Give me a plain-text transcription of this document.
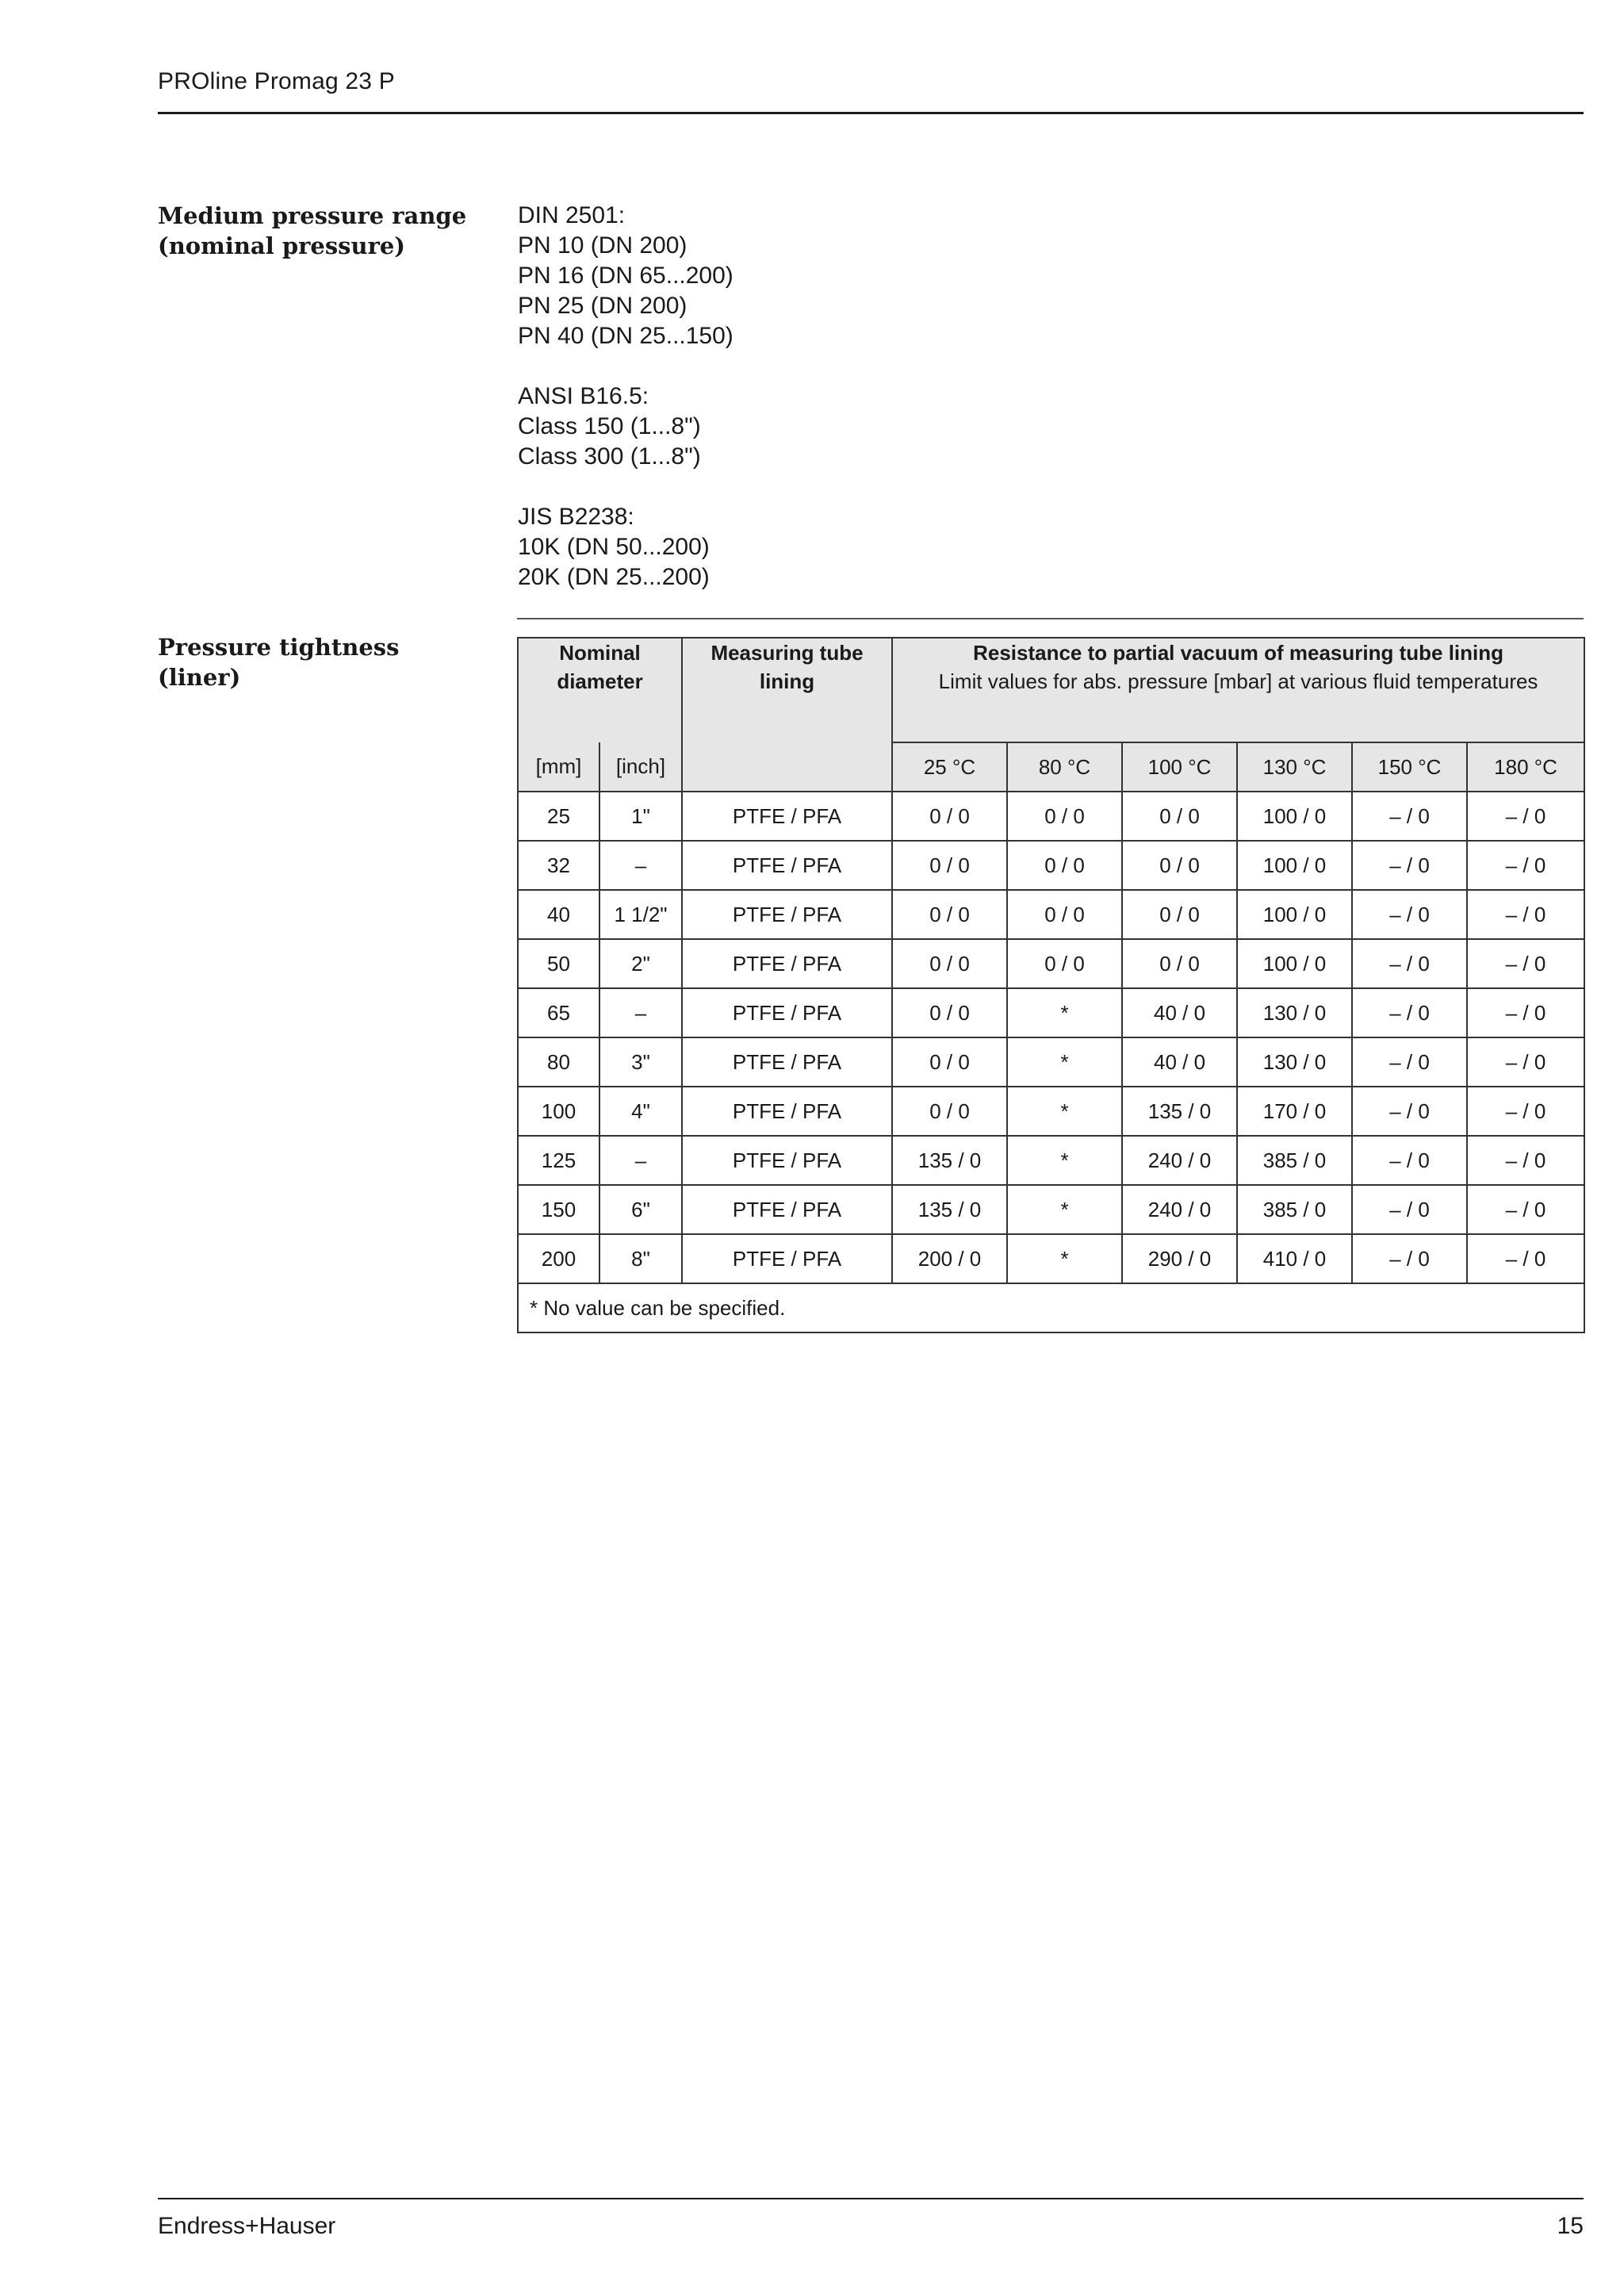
PROline Promag 23 P
Medium pressure range
(nominal pressure)
DIN 2501:
PN 10 (DN 200)
PN 16 (DN 65...200)
PN 25 (DN 200)
PN 40 (DN 25...150)
ANSI B16.5:
Class 150 (1...8")
Class 300 (1...8")
JIS B2238:
10K (DN 50...200)
20K (DN 25...200)
Pressure tightness
(liner)
Nominal diameter		Measuring tube lining	Resistance to partial vacuum of measuring tube lining
Limit values for abs. pressure [mbar] at various fluid temperatures					

[mm]	[inch]		25 °C	80 °C	100 °C	130 °C	150 °C	180 °C
25	1"	PTFE / PFA	0 / 0	0 / 0	0 / 0	100 / 0	– / 0	– / 0
32	–	PTFE / PFA	0 / 0	0 / 0	0 / 0	100 / 0	– / 0	– / 0
40	1 1/2"	PTFE / PFA	0 / 0	0 / 0	0 / 0	100 / 0	– / 0	– / 0
50	2"	PTFE / PFA	0 / 0	0 / 0	0 / 0	100 / 0	– / 0	– / 0
65	–	PTFE / PFA	0 / 0	*	40 / 0	130 / 0	– / 0	– / 0
80	3"	PTFE / PFA	0 / 0	*	40 / 0	130 / 0	– / 0	– / 0
100	4"	PTFE / PFA	0 / 0	*	135 / 0	170 / 0	– / 0	– / 0
125	–	PTFE / PFA	135 / 0	*	240 / 0	385 / 0	– / 0	– / 0
150	6"	PTFE / PFA	135 / 0	*	240 / 0	385 / 0	– / 0	– / 0
200	8"	PTFE / PFA	200 / 0	*	290 / 0	410 / 0	– / 0	– / 0
* No value can be specified.								
Endress+Hauser	15
